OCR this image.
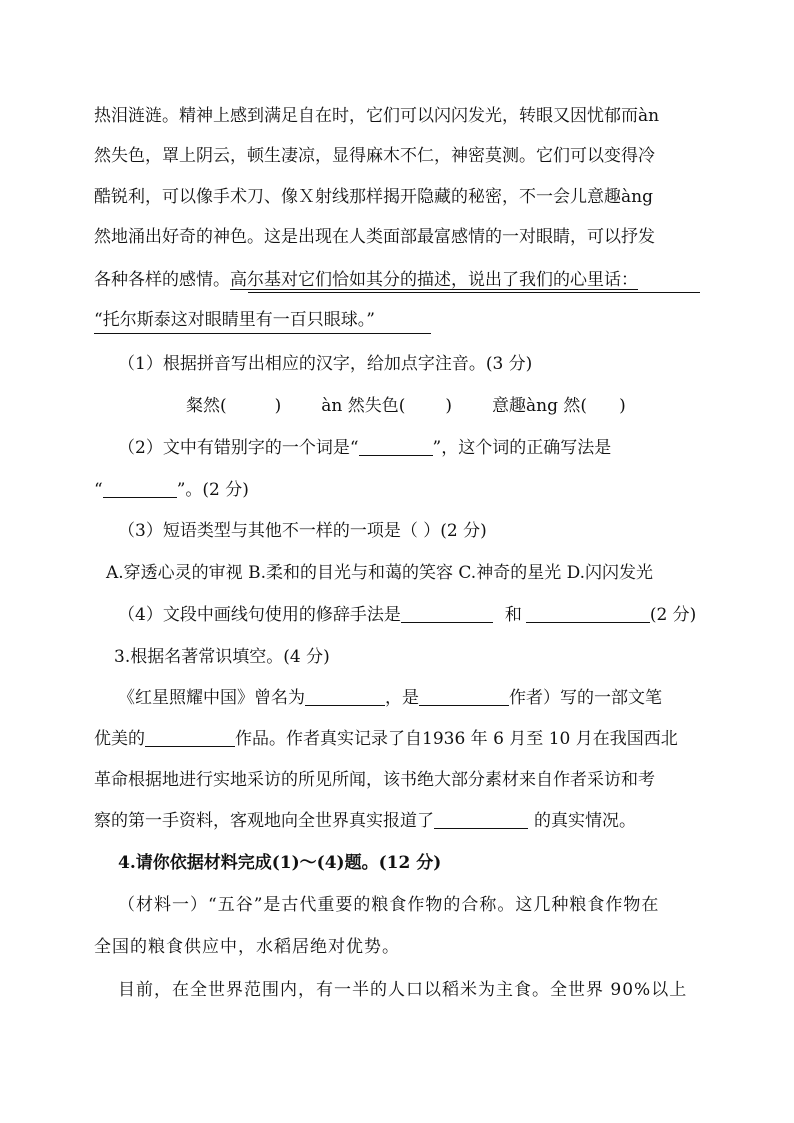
热泪涟涟。精神上感到满足自在时，它们可以闪闪发光，转眼又因忧郁而àn
然失色，罩上阴云，顿生凄凉，显得麻木不仁，神密莫测。它们可以变得冷
酷锐利，可以像手术刀、像Ｘ射线那样揭开隐藏的秘密，不一会儿意趣àng
然地涌出好奇的神色。这是出现在人类面部最富感情的一对眼睛，可以抒发
各种各样的感情。高尔基对它们恰如其分的描述，说出了我们的心里话：
“托尔斯泰这对眼睛里有一百只眼球。”
（1）根据拼音写出相应的汉字，给加点字注音。(3 分)
粲然(	) àn 然失色( ) 意趣àng 然( )
（2）文中有错别字的一个词是“	”，这个词的正确写法是
“	”。(2 分)
（3）短语类型与其他不一样的一项是（ ）(2 分)
A.穿透心灵的审视 B.柔和的目光与和蔼的笑容 C.神奇的星光 D.闪闪发光
（4）文段中画线句使用的修辞手法是	和	(2 分)
3.根据名著常识填空。(4 分)
《红星照耀中国》曾名为	，是	作者）写的一部文笔
优美的	作品。作者真实记录了自1936 年 6 月至 10 月在我国西北
革命根据地进行实地采访的所见所闻，该书绝大部分素材来自作者采访和考
察的第一手资料，客观地向全世界真实报道了	的真实情况。
4.请你依据材料完成(1)～(4)题。(12 分)
（材料一）“五谷”是古代重要的粮食作物的合称。这几种粮食作物在
全国的粮食供应中，水稻居绝对优势。
目前，在全世界范围内，有一半的人口以稻米为主食。全世界 90%以上
